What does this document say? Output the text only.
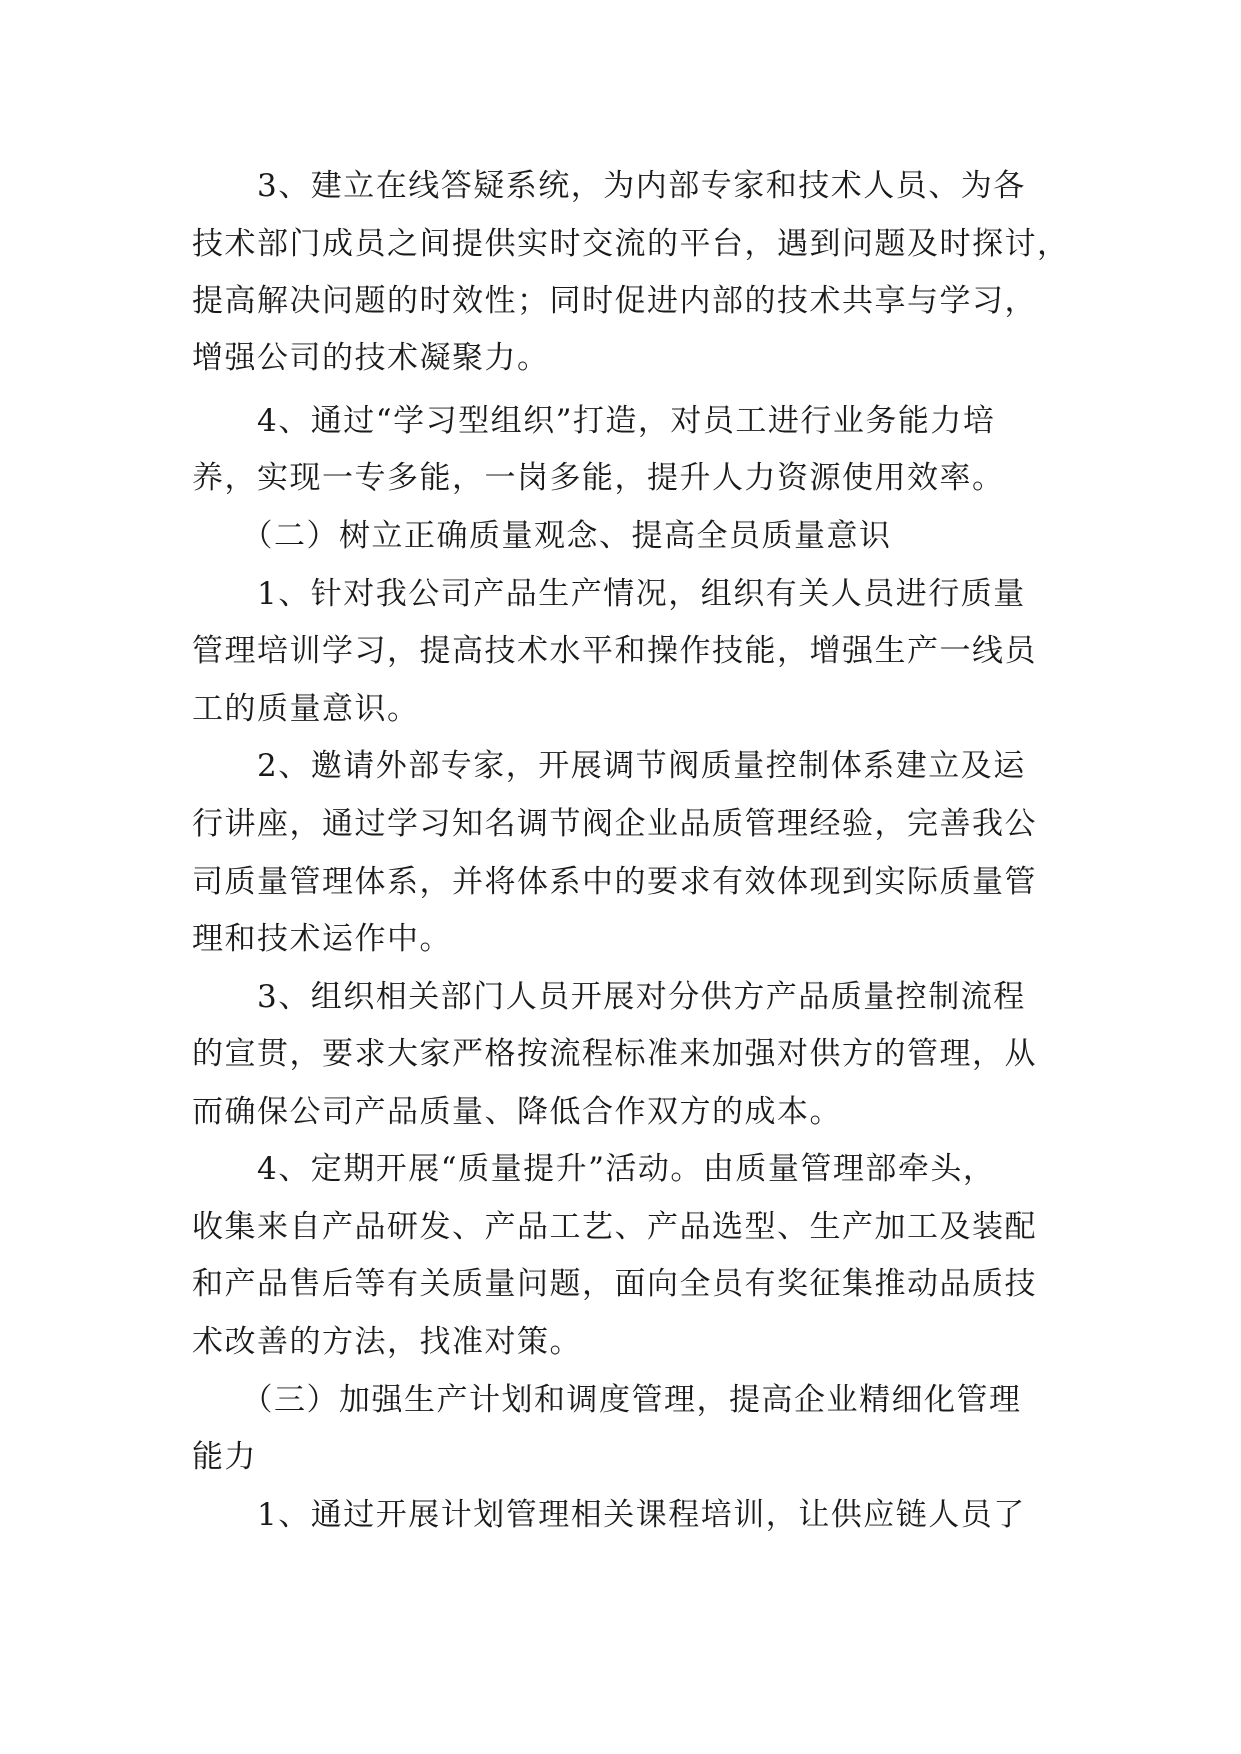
　　3、建立在线答疑系统，为内部专家和技术人员、为各
技术部门成员之间提供实时交流的平台，遇到问题及时探讨，
提高解决问题的时效性；同时促进内部的技术共享与学习，
增强公司的技术凝聚力。
　　4、通过“学习型组织”打造，对员工进行业务能力培
养，实现一专多能，一岗多能，提升人力资源使用效率。
　　（二）树立正确质量观念、提高全员质量意识
　　1、针对我公司产品生产情况，组织有关人员进行质量
管理培训学习，提高技术水平和操作技能，增强生产一线员
工的质量意识。
　　2、邀请外部专家，开展调节阀质量控制体系建立及运
行讲座，通过学习知名调节阀企业品质管理经验，完善我公
司质量管理体系，并将体系中的要求有效体现到实际质量管
理和技术运作中。
　　3、组织相关部门人员开展对分供方产品质量控制流程
的宣贯，要求大家严格按流程标准来加强对供方的管理，从
而确保公司产品质量、降低合作双方的成本。
　　4、定期开展“质量提升”活动。由质量管理部牵头，
收集来自产品研发、产品工艺、产品选型、生产加工及装配
和产品售后等有关质量问题，面向全员有奖征集推动品质技
术改善的方法，找准对策。
　　（三）加强生产计划和调度管理，提高企业精细化管理
能力
　　1、通过开展计划管理相关课程培训，让供应链人员了
